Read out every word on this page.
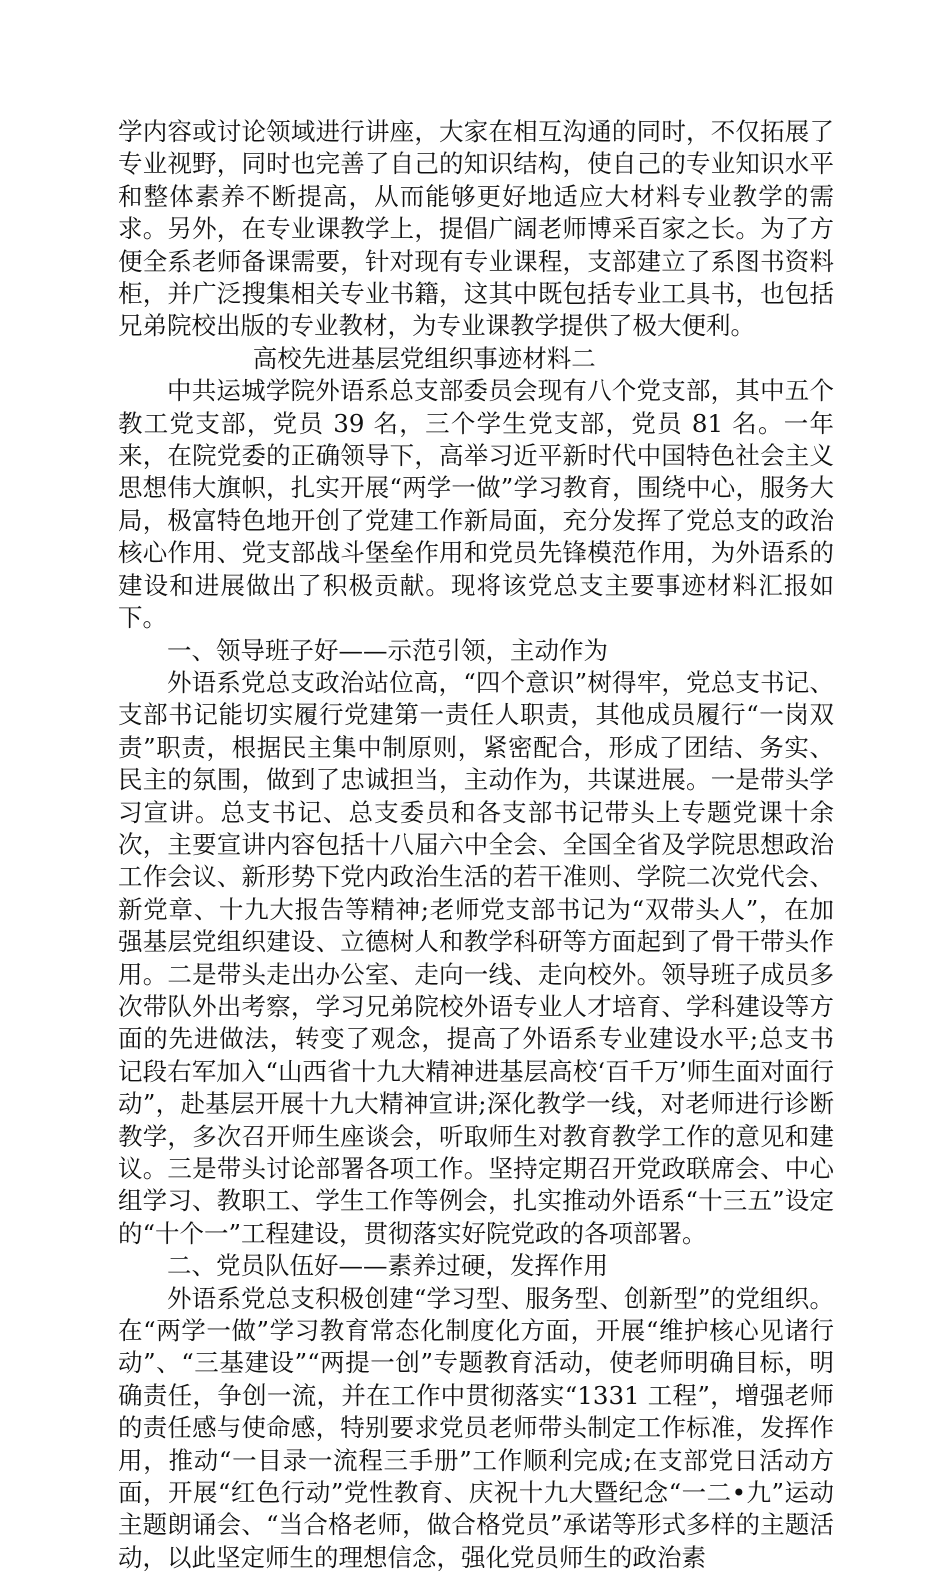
学内容或讨论领域进行讲座，大家在相互沟通的同时，不仅拓展了专业视野，同时也完善了自己的知识结构，使自己的专业知识水平和整体素养不断提高，从而能够更好地适应大材料专业教学的需求。另外，在专业课教学上，提倡广阔老师博采百家之长。为了方便全系老师备课需要，针对现有专业课程，支部建立了系图书资料柜，并广泛搜集相关专业书籍，这其中既包括专业工具书，也包括兄弟院校出版的专业教材，为专业课教学提供了极大便利。

高校先进基层党组织事迹材料二

中共运城学院外语系总支部委员会现有八个党支部，其中五个教工党支部，党员 39 名，三个学生党支部，党员 81 名。一年来，在院党委的正确领导下，高举习近平新时代中国特色社会主义思想伟大旗帜，扎实开展“两学一做”学习教育，围绕中心，服务大局，极富特色地开创了党建工作新局面，充分发挥了党总支的政治核心作用、党支部战斗堡垒作用和党员先锋模范作用，为外语系的建设和进展做出了积极贡献。现将该党总支主要事迹材料汇报如下。

一、领导班子好——示范引领，主动作为

外语系党总支政治站位高，“四个意识”树得牢，党总支书记、支部书记能切实履行党建第一责任人职责，其他成员履行“一岗双责”职责，根据民主集中制原则，紧密配合，形成了团结、务实、民主的氛围，做到了忠诚担当，主动作为，共谋进展。一是带头学习宣讲。总支书记、总支委员和各支部书记带头上专题党课十余次，主要宣讲内容包括十八届六中全会、全国全省及学院思想政治工作会议、新形势下党内政治生活的若干准则、学院二次党代会、新党章、十九大报告等精神;老师党支部书记为“双带头人”，在加强基层党组织建设、立德树人和教学科研等方面起到了骨干带头作用。二是带头走出办公室、走向一线、走向校外。领导班子成员多次带队外出考察，学习兄弟院校外语专业人才培育、学科建设等方面的先进做法，转变了观念，提高了外语系专业建设水平;总支书记段右军加入“山西省十九大精神进基层高校‘百千万’师生面对面行动”，赴基层开展十九大精神宣讲;深化教学一线，对老师进行诊断教学，多次召开师生座谈会，听取师生对教育教学工作的意见和建议。三是带头讨论部署各项工作。坚持定期召开党政联席会、中心组学习、教职工、学生工作等例会，扎实推动外语系“十三五”设定的“十个一”工程建设，贯彻落实好院党政的各项部署。

二、党员队伍好——素养过硬，发挥作用

外语系党总支积极创建“学习型、服务型、创新型”的党组织。在“两学一做”学习教育常态化制度化方面，开展“维护核心见诸行动”、“三基建设”“两提一创”专题教育活动，使老师明确目标，明确责任，争创一流，并在工作中贯彻落实“1331 工程”，增强老师的责任感与使命感，特别要求党员老师带头制定工作标准，发挥作用，推动“一目录一流程三手册”工作顺利完成;在支部党日活动方面，开展“红色行动”党性教育、庆祝十九大暨纪念“一二•九”运动主题朗诵会、“当合格老师，做合格党员”承诺等形式多样的主题活动，以此坚定师生的理想信念，强化党员师生的政治素
